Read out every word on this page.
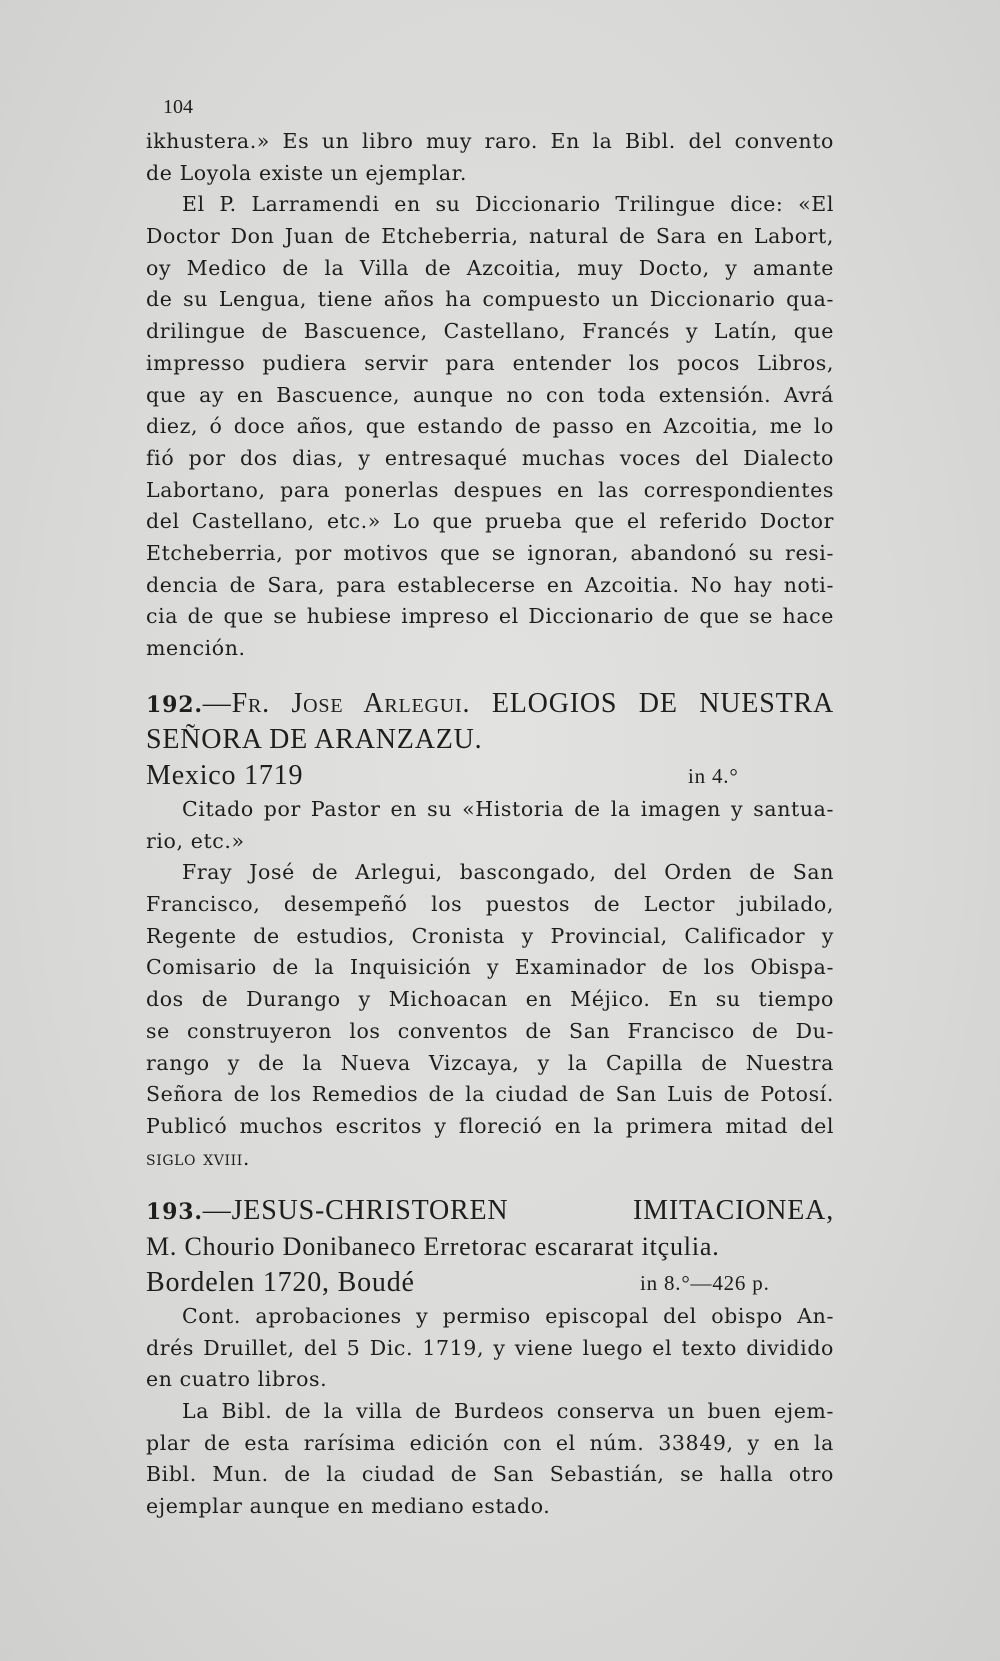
104
ikhustera.» Es un libro muy raro. En la Bibl. del convento
de Loyola existe un ejemplar.
El P. Larramendi en su Diccionario Trilingue dice: «El
Doctor Don Juan de Etcheberria, natural de Sara en Labort,
oy Medico de la Villa de Azcoitia, muy Docto, y amante
de su Lengua, tiene años ha compuesto un Diccionario qua-
drilingue de Bascuence, Castellano, Francés y Latín, que
impresso pudiera servir para entender los pocos Libros,
que ay en Bascuence, aunque no con toda extensión. Avrá
diez, ó doce años, que estando de passo en Azcoitia, me lo
fió por dos dias, y entresaqué muchas voces del Dialecto
Labortano, para ponerlas despues en las correspondientes
del Castellano, etc.» Lo que prueba que el referido Doctor
Etcheberria, por motivos que se ignoran, abandonó su resi-
dencia de Sara, para establecerse en Azcoitia. No hay noti-
cia de que se hubiese impreso el Diccionario de que se hace
mención.
192.—Fr. Jose Arlegui. ELOGIOS DE NUESTRA
SEÑORA DE ARANZAZU.
Mexico 1719	in 4.°
Citado por Pastor en su «Historia de la imagen y santua-
rio, etc.»
Fray José de Arlegui, bascongado, del Orden de San
Francisco, desempeñó los puestos de Lector jubilado,
Regente de estudios, Cronista y Provincial, Calificador y
Comisario de la Inquisición y Examinador de los Obispa-
dos de Durango y Michoacan en Méjico. En su tiempo
se construyeron los conventos de San Francisco de Du-
rango y de la Nueva Vizcaya, y la Capilla de Nuestra
Señora de los Remedios de la ciudad de San Luis de Potosí.
Publicó muchos escritos y floreció en la primera mitad del
siglo xviii.
193.—JESUS-CHRISTOREN IMITACIONEA,
M. Chourio Donibaneco Erretorac escararat itçulia.
Bordelen 1720, Boudé	in 8.°—426 p.
Cont. aprobaciones y permiso episcopal del obispo An-
drés Druillet, del 5 Dic. 1719, y viene luego el texto dividido
en cuatro libros.
La Bibl. de la villa de Burdeos conserva un buen ejem-
plar de esta rarísima edición con el núm. 33849, y en la
Bibl. Mun. de la ciudad de San Sebastián, se halla otro
ejemplar aunque en mediano estado.
